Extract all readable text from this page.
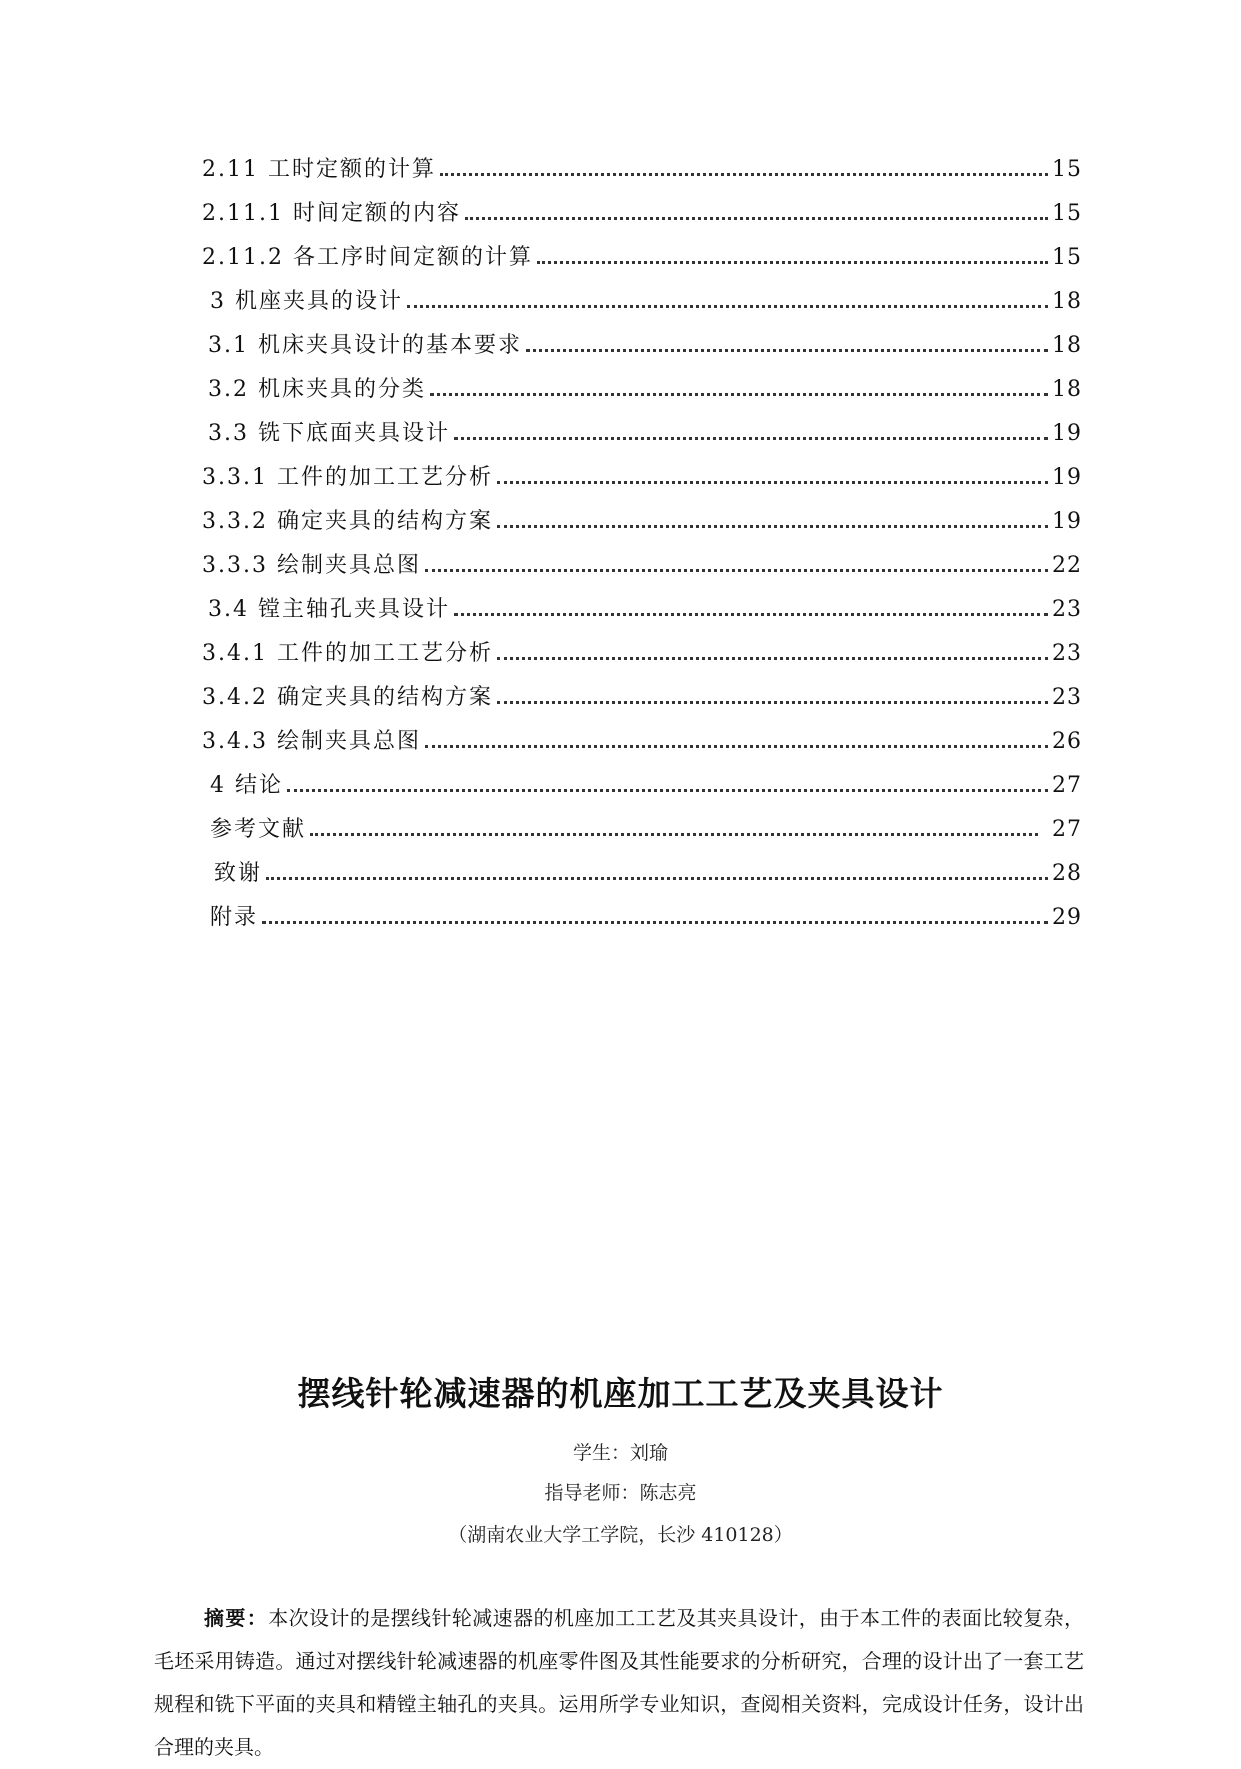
2.11 工时定额的计算	15
2.11.1 时间定额的内容	15
2.11.2 各工序时间定额的计算	15
3 机座夹具的设计	18
3.1 机床夹具设计的基本要求	18
3.2 机床夹具的分类	18
3.3 铣下底面夹具设计	19
3.3.1 工件的加工工艺分析	19
3.3.2 确定夹具的结构方案	19
3.3.3 绘制夹具总图	22
3.4 镗主轴孔夹具设计	23
3.4.1 工件的加工工艺分析	23
3.4.2 确定夹具的结构方案	23
3.4.3 绘制夹具总图	26
4 结论	27
参考文献	27
致谢	28
附录	29
摆线针轮减速器的机座加工工艺及夹具设计
学生：刘瑜
指导老师：陈志亮
（湖南农业大学工学院，长沙 410128）
摘要：本次设计的是摆线针轮减速器的机座加工工艺及其夹具设计，由于本工件的表面比较复杂，毛坯采用铸造。通过对摆线针轮减速器的机座零件图及其性能要求的分析研究，合理的设计出了一套工艺规程和铣下平面的夹具和精镗主轴孔的夹具。运用所学专业知识，查阅相关资料，完成设计任务，设计出合理的夹具。
